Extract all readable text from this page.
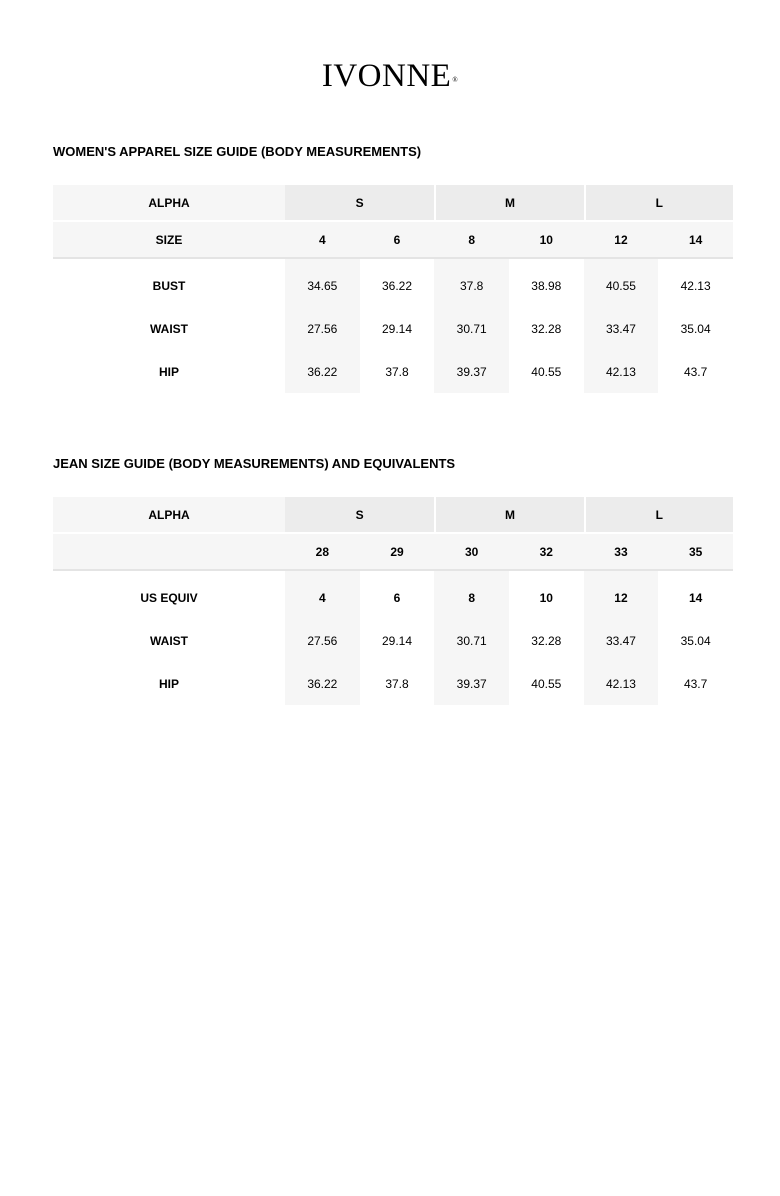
IVONNE®
WOMEN'S APPAREL SIZE GUIDE (BODY MEASUREMENTS)
ALPHA	S		M		L	
SIZE	4	6	8	10	12	14
BUST	34.65	36.22	37.8	38.98	40.55	42.13
WAIST	27.56	29.14	30.71	32.28	33.47	35.04
HIP	36.22	37.8	39.37	40.55	42.13	43.7
JEAN SIZE GUIDE (BODY MEASUREMENTS) AND EQUIVALENTS
ALPHA	S		M		L	
	28	29	30	32	33	35
US EQUIV	4	6	8	10	12	14
WAIST	27.56	29.14	30.71	32.28	33.47	35.04
HIP	36.22	37.8	39.37	40.55	42.13	43.7
